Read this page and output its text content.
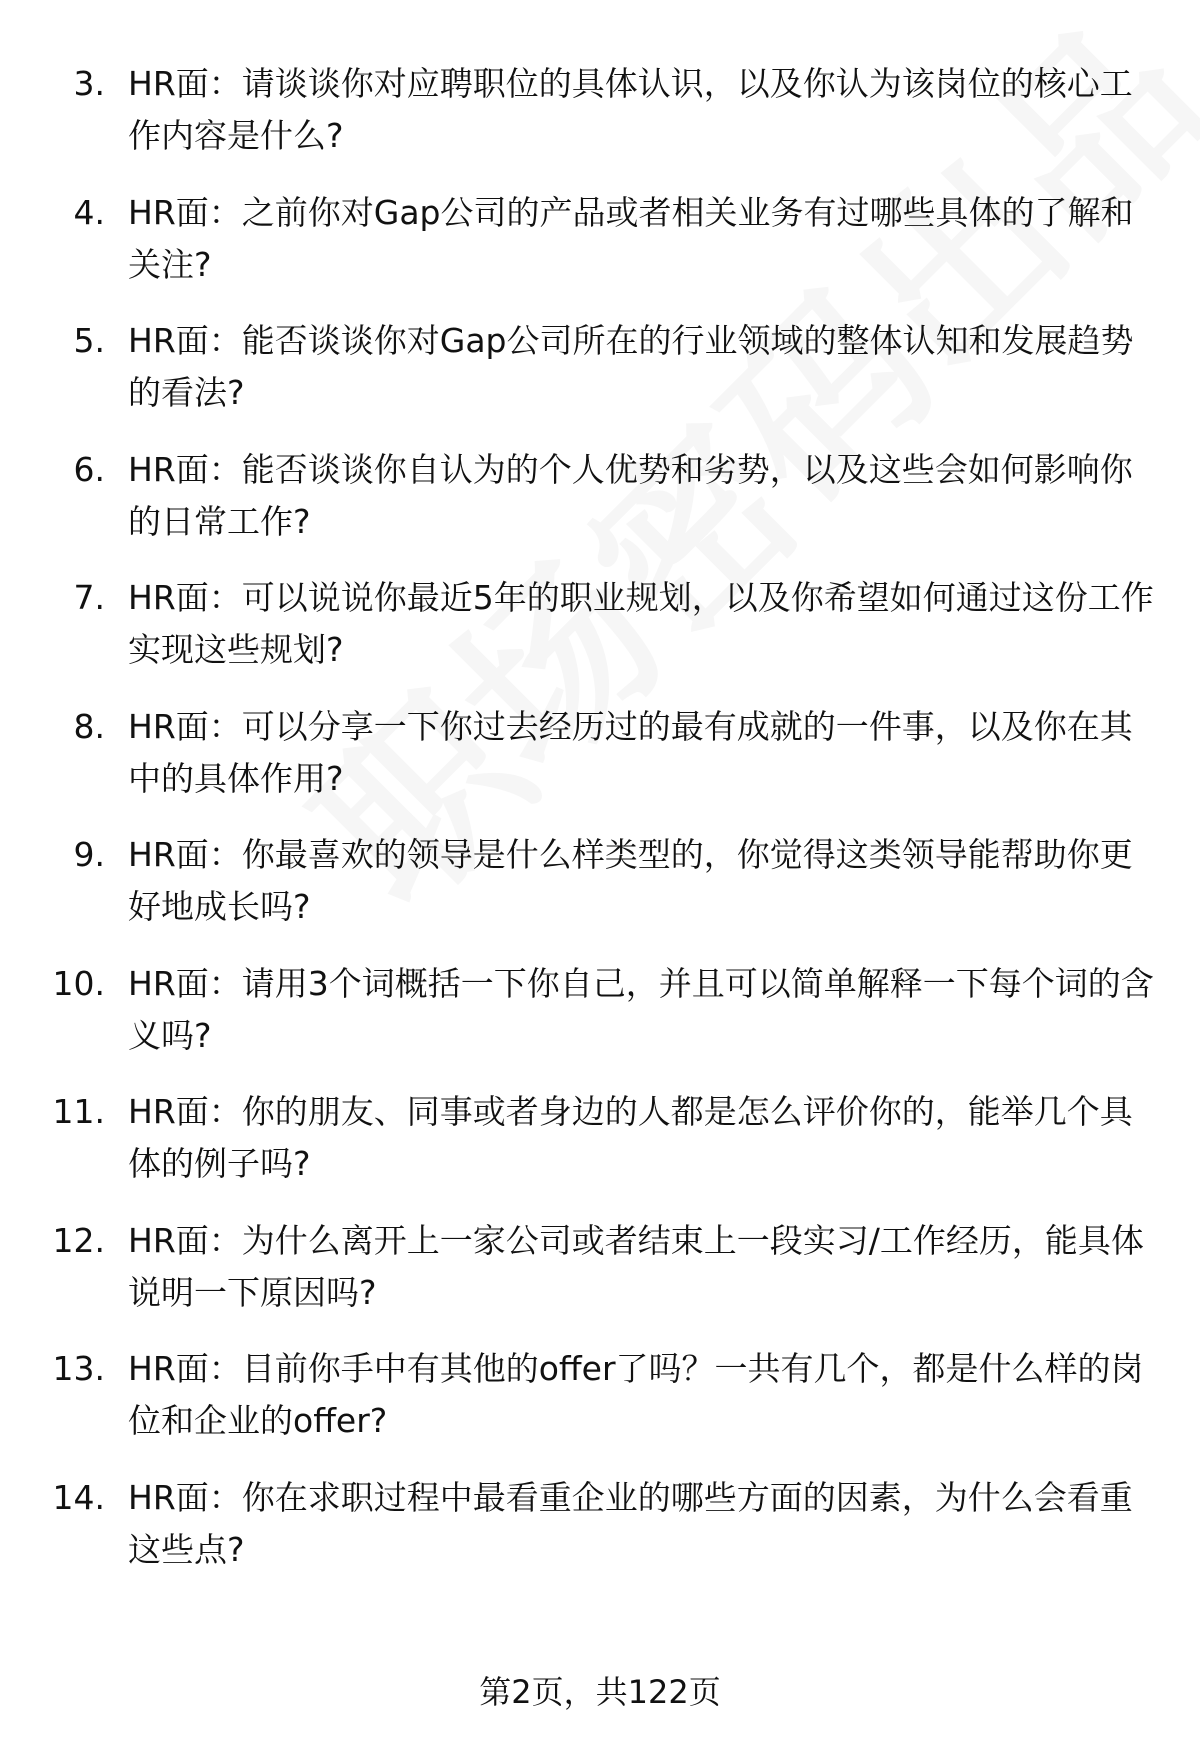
3. HR面：请谈谈你对应聘职位的具体认识，以及你认为该岗位的核心工作内容是什么?
4. HR面：之前你对Gap公司的产品或者相关业务有过哪些具体的了解和关注?
5. HR面：能否谈谈你对Gap公司所在的行业领域的整体认知和发展趋势的看法?
6. HR面：能否谈谈你自认为的个人优势和劣势，以及这些会如何影响你的日常工作?
7. HR面：可以说说你最近5年的职业规划，以及你希望如何通过这份工作实现这些规划?
8. HR面：可以分享一下你过去经历过的最有成就的一件事，以及你在其中的具体作用?
9. HR面：你最喜欢的领导是什么样类型的，你觉得这类领导能帮助你更好地成长吗?
10. HR面：请用3个词概括一下你自己，并且可以简单解释一下每个词的含义吗?
11. HR面：你的朋友、同事或者身边的人都是怎么评价你的，能举几个具体的例子吗?
12. HR面：为什么离开上一家公司或者结束上一段实习/工作经历，能具体说明一下原因吗?
13. HR面：目前你手中有其他的offer了吗？一共有几个，都是什么样的岗位和企业的offer?
14. HR面：你在求职过程中最看重企业的哪些方面的因素，为什么会看重这些点?
第2页，共122页
